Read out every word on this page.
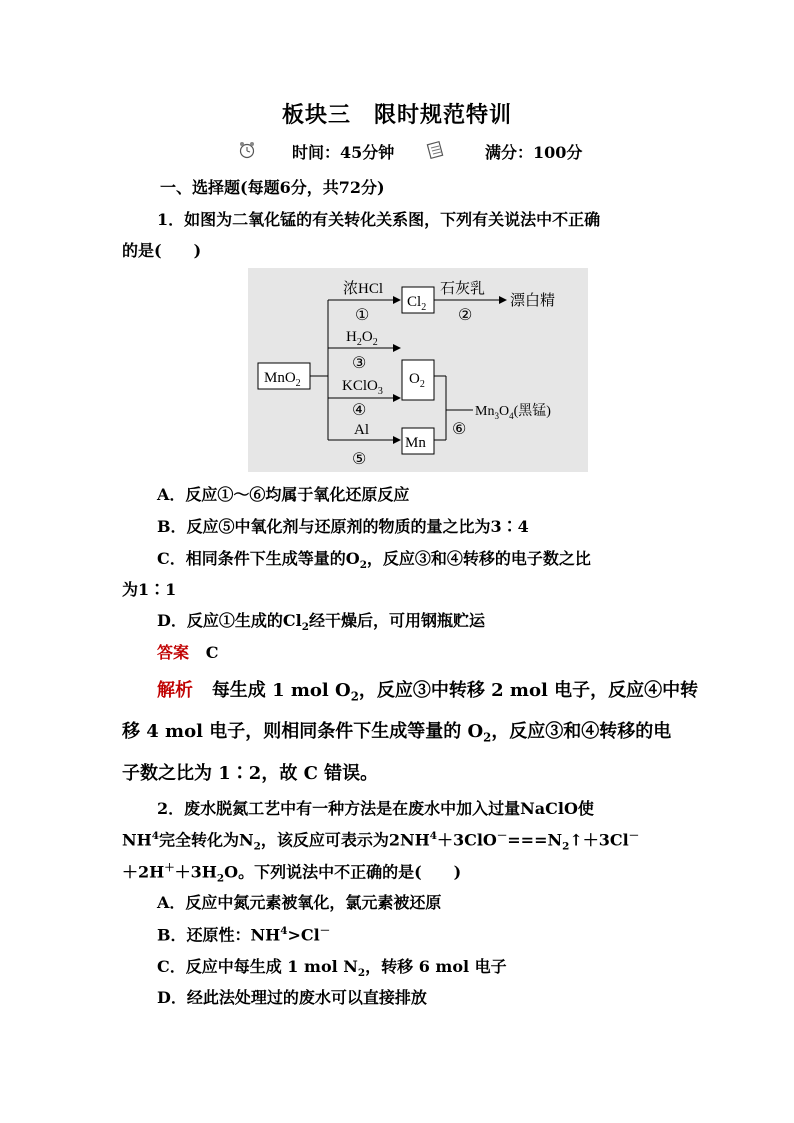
板块三　限时规范特训
时间：45分钟	满分：100分
一、选择题(每题6分，共72分)
1．如图为二氧化锰的有关转化关系图，下列有关说法中不正确
的是(　　)
MnO$_2$
浓HCl
①
$Cl_2$
石灰乳
②
漂白精
$H_2O_2$
③
KClO$_3$
④
$O_2$
Al
⑤
Mn
⑥
$Mn_3O_4$(黑锰)
A．反应①～⑥均属于氧化还原反应
B．反应⑤中氧化剂与还原剂的物质的量之比为3∶4
C．相同条件下生成等量的$O_2$，反应③和④转移的电子数之比
为1∶1
D．反应①生成的$Cl_2$经干燥后，可用钢瓶贮运
答案 C
解析 每生成 1 mol $O_2$，反应③中转移 2 mol 电子，反应④中转
移 4 mol 电子，则相同条件下生成等量的 $O_2$，反应③和④转移的电
子数之比为 1∶2，故 C 错误。
2．废水脱氮工艺中有一种方法是在废水中加入过量NaClO使
$NH^4$完全转化为$N_2$，该反应可表示为$2NH^4+3ClO^-===N_2↑+3Cl^-$
$+2H^++3H_2O$。下列说法中不正确的是(　　)
A．反应中氮元素被氧化，氯元素被还原
B．还原性：$NH^4>Cl^-$
C．反应中每生成 1 mol $N_2$，转移 6 mol 电子
D．经此法处理过的废水可以直接排放
